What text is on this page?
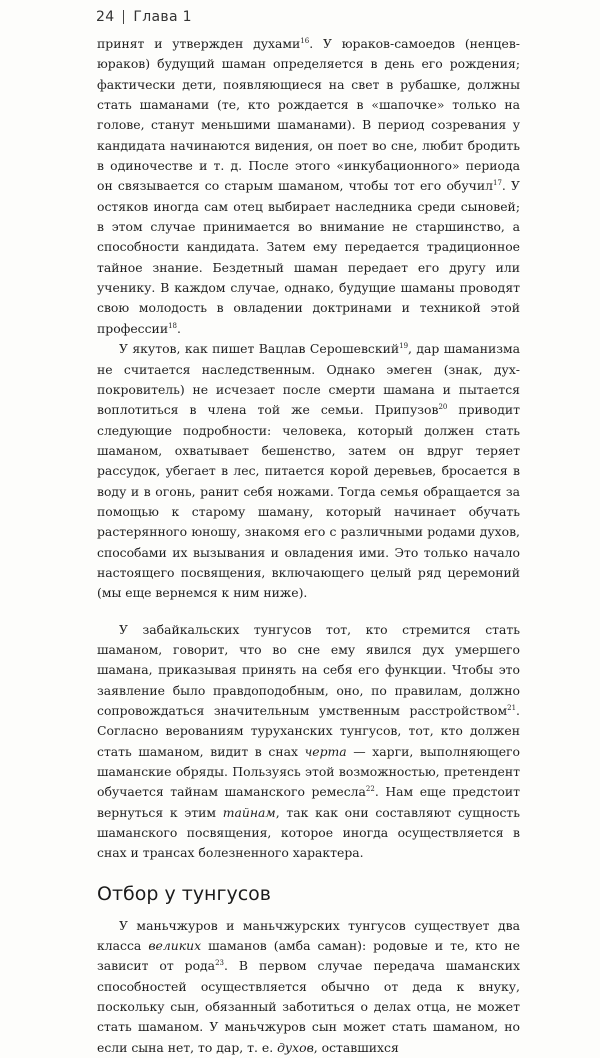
24 Глава 1

принят и утвержден духами$^{16}$. У юраков-самоедов (ненцев-юраков) будущий шаман определяется в день его рождения; фактически дети, появляющиеся на свет в рубашке, должны стать шаманами (те, кто рождается в «шапочке» только на голове, станут меньшими шаманами). В период созревания у кандидата начинаются видения, он поет во сне, любит бродить в одиночестве и т. д. После этого «инкубационного» периода он связывается со старым шаманом, чтобы тот его обучил$^{17}$. У остяков иногда сам отец выбирает наследника среди сыновей; в этом случае принимается во внимание не старшинство, а способности кандидата. Затем ему передается традиционное тайное знание. Бездетный шаман передает его другу или ученику. В каждом случае, однако, будущие шаманы проводят свою молодость в овладении доктринами и техникой этой профессии$^{18}$.

У якутов, как пишет Вацлав Серошевский$^{19}$, дар шаманизма не считается наследственным. Однако эмеген (знак, дух-покровитель) не исчезает после смерти шамана и пытается воплотиться в члена той же семьи. Припузов$^{20}$ приводит следующие подробности: человека, который должен стать шаманом, охватывает бешенство, затем он вдруг теряет рассудок, убегает в лес, питается корой деревьев, бросается в воду и в огонь, ранит себя ножами. Тогда семья обращается за помощью к старому шаману, который начинает обучать растерянного юношу, знакомя его с различными родами духов, способами их вызывания и овладения ими. Это только начало настоящего посвящения, включающего целый ряд церемоний (мы еще вернемся к ним ниже).

У забайкальских тунгусов тот, кто стремится стать шаманом, говорит, что во сне ему явился дух умершего шамана, приказывая принять на себя его функции. Чтобы это заявление было правдоподобным, оно, по правилам, должно сопровождаться значительным умственным расстройством$^{21}$. Согласно верованиям туруханских тунгусов, тот, кто должен стать шаманом, видит в снах черта — харги, выполняющего шаманские обряды. Пользуясь этой возможностью, претендент обучается тайнам шаманского ремесла$^{22}$. Нам еще предстоит вернуться к этим тайнам, так как они составляют сущность шаманского посвящения, которое иногда осуществляется в снах и трансах болезненного характера.

Отбор у тунгусов

У маньчжуров и маньчжурских тунгусов существует два класса великих шаманов (амба саман): родовые и те, кто не зависит от рода$^{23}$. В первом случае передача шаманских способностей осуществляется обычно от деда к внуку, поскольку сын, обязанный заботиться о делах отца, не может стать шаманом. У маньчжуров сын может стать шаманом, но если сына нет, то дар, т. е. духов, оставшихся
